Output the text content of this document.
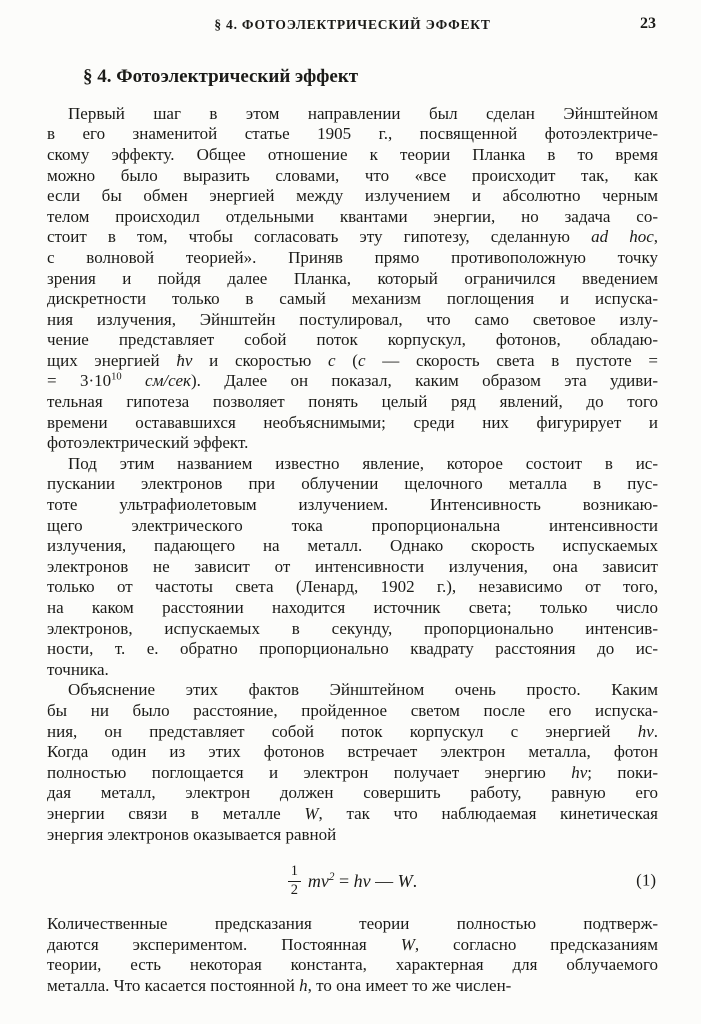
§ 4. ФОТОЭЛЕКТРИЧЕСКИЙ ЭФФЕКТ	23
§ 4. Фотоэлектрический эффект
Первый шаг в этом направлении был сделан Эйнштейном
в его знаменитой статье 1905 г., посвященной фотоэлектриче-
скому эффекту. Общее отношение к теории Планка в то время
можно было выразить словами, что «все происходит так, как
если бы обмен энергией между излучением и абсолютно черным
телом происходил отдельными квантами энергии, но задача со-
стоит в том, чтобы согласовать эту гипотезу, сделанную ad hoc,
с волновой теорией». Приняв прямо противоположную точку
зрения и пойдя далее Планка, который ограничился введением
дискретности только в самый механизм поглощения и испуска-
ния излучения, Эйнштейн постулировал, что само световое излу-
чение представляет собой поток корпускул, фотонов, обладаю-
щих энергией ħν и скоростью c (c — скорость света в пустоте =
= $3\cdot 10^{10}$ см/сек). Далее он показал, каким образом эта удиви-
тельная гипотеза позволяет понять целый ряд явлений, до того
времени остававшихся необъяснимыми; среди них фигурирует и
фотоэлектрический эффект.
Под этим названием известно явление, которое состоит в ис-
пускании электронов при облучении щелочного металла в пус-
тоте ультрафиолетовым излучением. Интенсивность возникаю-
щего электрического тока пропорциональна интенсивности
излучения, падающего на металл. Однако скорость испускаемых
электронов не зависит от интенсивности излучения, она зависит
только от частоты света (Ленард, 1902 г.), независимо от того,
на каком расстоянии находится источник света; только число
электронов, испускаемых в секунду, пропорционально интенсив-
ности, т. е. обратно пропорционально квадрату расстояния до ис-
точника.
Объяснение этих фактов Эйнштейном очень просто. Каким
бы ни было расстояние, пройденное светом после его испуска-
ния, он представляет собой поток корпускул с энергией hν.
Когда один из этих фотонов встречает электрон металла, фотон
полностью поглощается и электрон получает энергию hν; поки-
дая металл, электрон должен совершить работу, равную его
энергии связи в металле W, так что наблюдаемая кинетическая
энергия электронов оказывается равной
$\frac{1}{2} mv^2 = h\nu$ — W.	(1)
Количественные предсказания теории полностью подтверж-
даются экспериментом. Постоянная W, согласно предсказаниям
теории, есть некоторая константа, характерная для облучаемого
металла. Что касается постоянной h, то она имеет то же числен-
